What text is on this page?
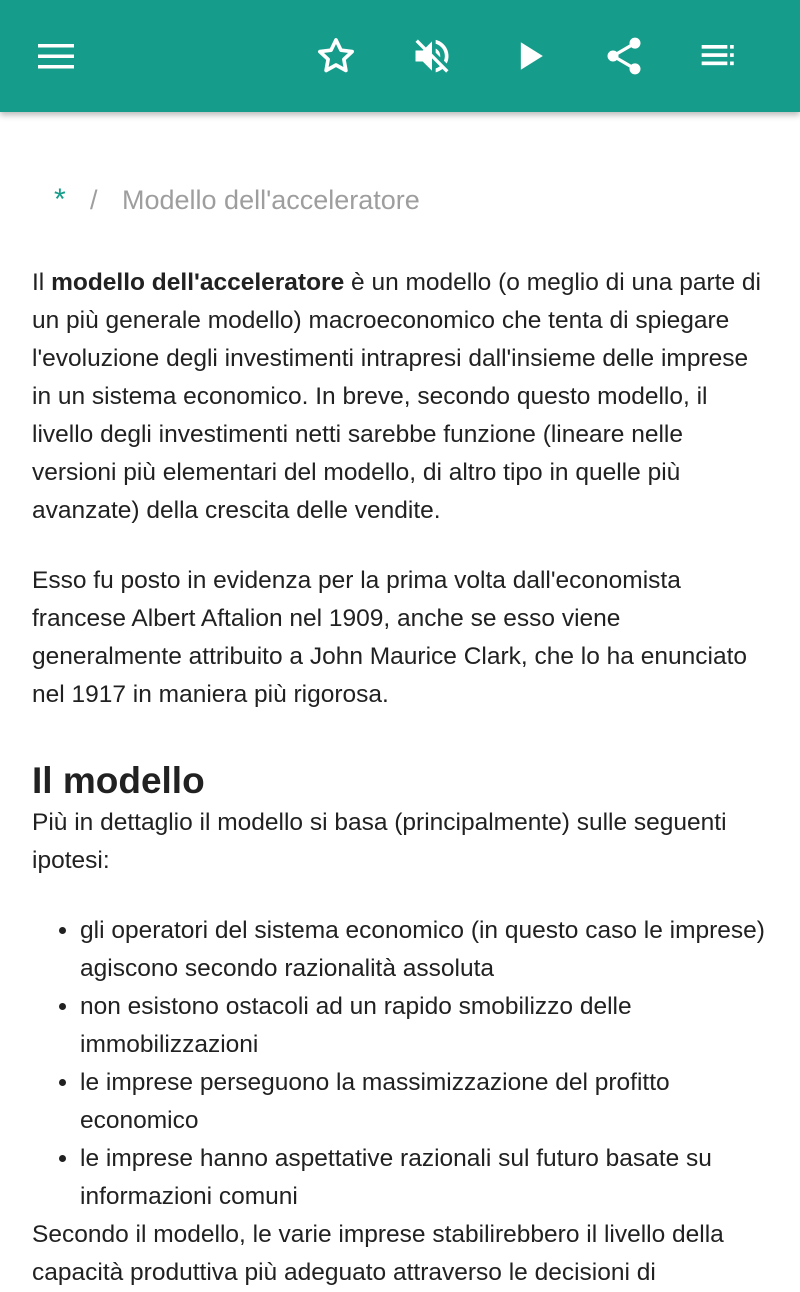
* / Modello dell'acceleratore

Il modello dell'acceleratore è un modello (o meglio di una parte di un più generale modello) macroeconomico che tenta di spiegare l'evoluzione degli investimenti intrapresi dall'insieme delle imprese in un sistema economico. In breve, secondo questo modello, il livello degli investimenti netti sarebbe funzione (lineare nelle versioni più elementari del modello, di altro tipo in quelle più avanzate) della crescita delle vendite.

Esso fu posto in evidenza per la prima volta dall'economista francese Albert Aftalion nel 1909, anche se esso viene generalmente attribuito a John Maurice Clark, che lo ha enunciato nel 1917 in maniera più rigorosa.

Il modello

Più in dettaglio il modello si basa (principalmente) sulle seguenti ipotesi:

• gli operatori del sistema economico (in questo caso le imprese) agiscono secondo razionalità assoluta
• non esistono ostacoli ad un rapido smobilizzo delle immobilizzazioni
• le imprese perseguono la massimizzazione del profitto economico
• le imprese hanno aspettative razionali sul futuro basate su informazioni comuni

Secondo il modello, le varie imprese stabilirebbero il livello della capacità produttiva più adeguato attraverso le decisioni di
